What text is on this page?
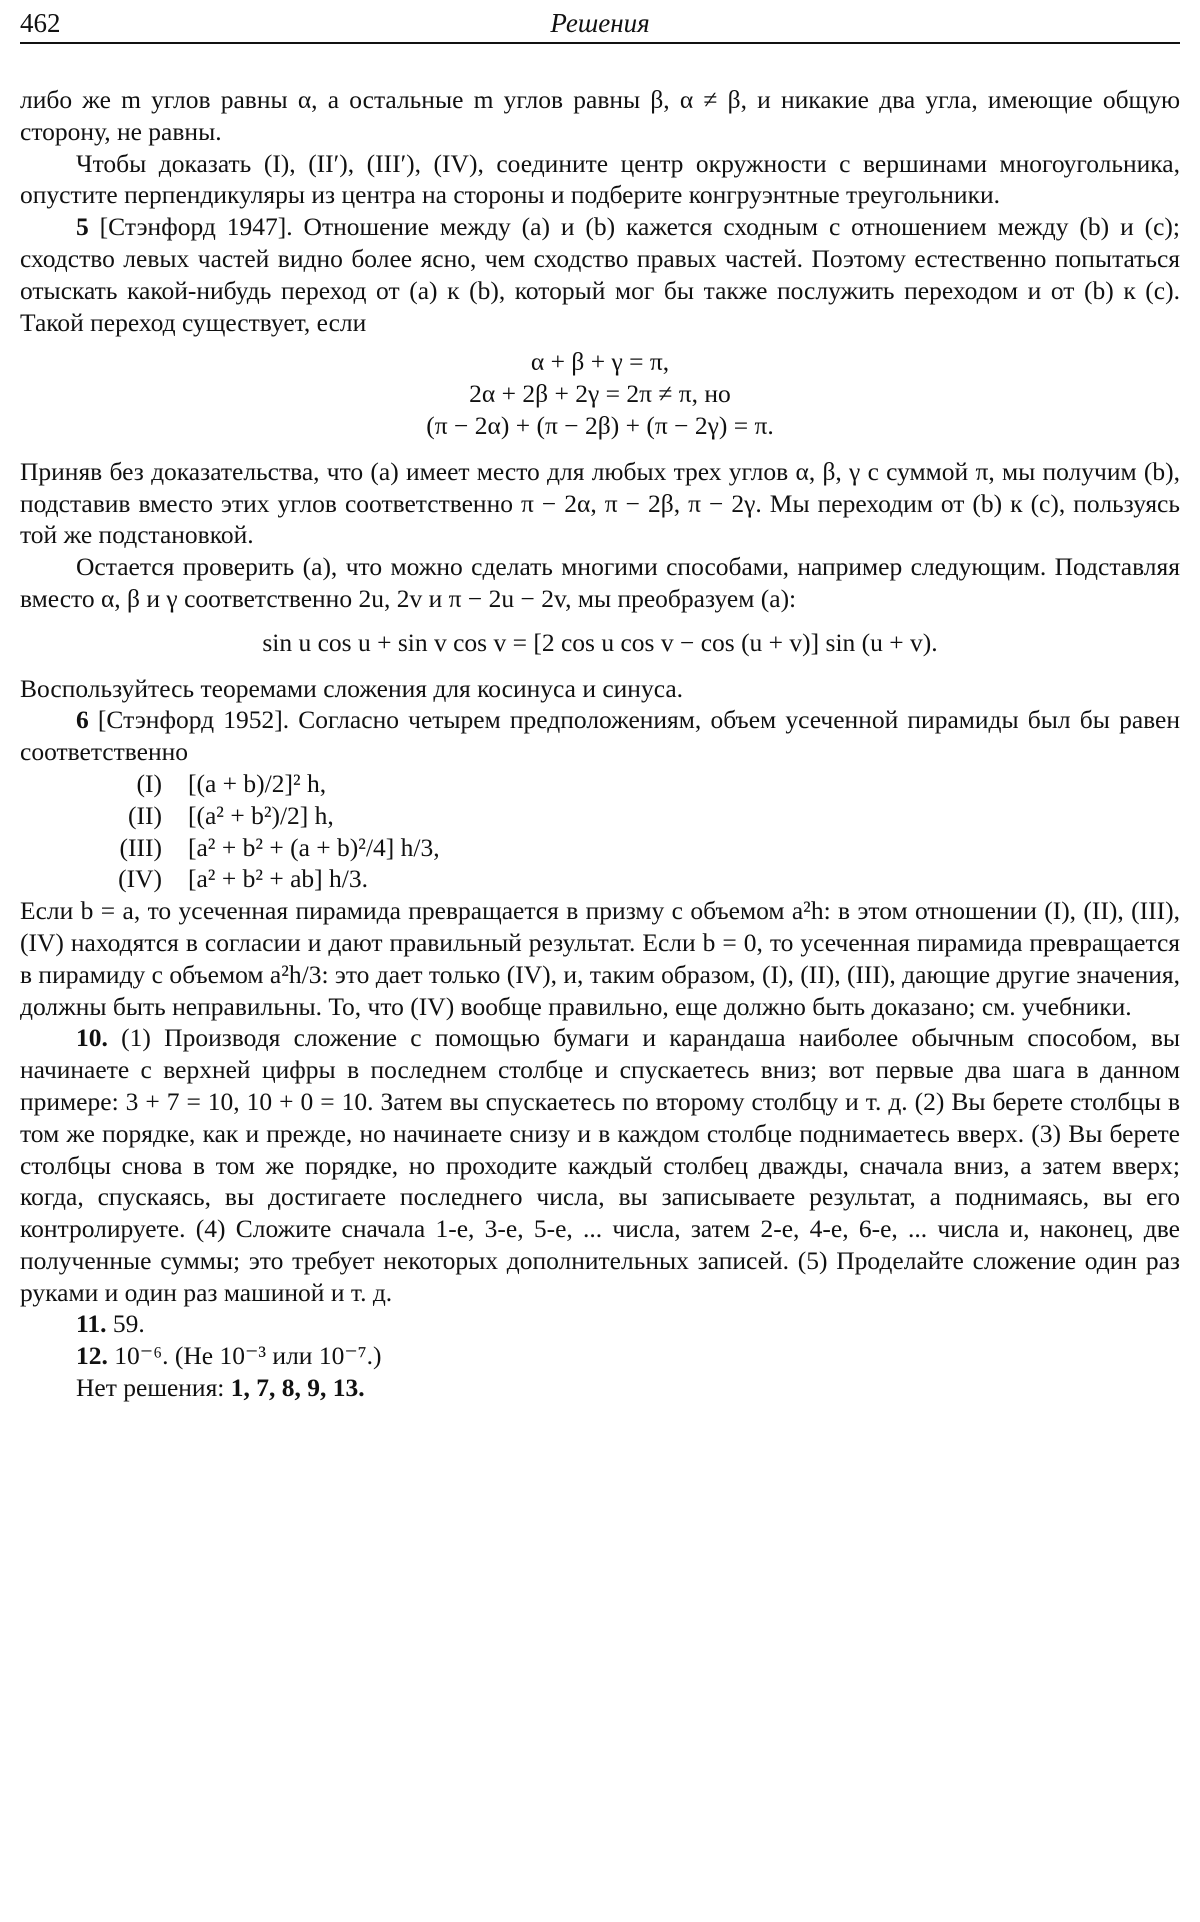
462	Решения

либо же m углов равны α, а остальные m углов равны β, α ≠ β, и никакие два угла, имеющие общую сторону, не равны.

Чтобы доказать (I), (II′), (III′), (IV), соедините центр окружности с вершинами многоугольника, опустите перпендикуляры из центра на стороны и подберите конгруэнтные треугольники.

5 [Стэнфорд 1947]. Отношение между (a) и (b) кажется сходным с отношением между (b) и (c); сходство левых частей видно более ясно, чем сходство правых частей. Поэтому естественно попытаться отыскать какой-нибудь переход от (a) к (b), который мог бы также послужить переходом и от (b) к (c). Такой переход существует, если

α + β + γ = π,

2α + 2β + 2γ = 2π ≠ π, но

(π − 2α) + (π − 2β) + (π − 2γ) = π.

Приняв без доказательства, что (a) имеет место для любых трех углов α, β, γ с суммой π, мы получим (b), подставив вместо этих углов соответственно π − 2α, π − 2β, π − 2γ. Мы переходим от (b) к (c), пользуясь той же подстановкой.

Остается проверить (a), что можно сделать многими способами, например следующим. Подставляя вместо α, β и γ соответственно 2u, 2v и π − 2u − 2v, мы преобразуем (a):

sin u cos u + sin v cos v = [2 cos u cos v − cos (u + v)] sin (u + v).

Воспользуйтесь теоремами сложения для косинуса и синуса.

6 [Стэнфорд 1952]. Согласно четырем предположениям, объем усеченной пирамиды был бы равен соответственно

(I)	[(a + b)/2]² h,
(II)	[(a² + b²)/2] h,
(III)	[a² + b² + (a + b)²/4] h/3,
(IV)	[a² + b² + ab] h/3.

Если b = a, то усеченная пирамида превращается в призму с объемом a²h: в этом отношении (I), (II), (III), (IV) находятся в согласии и дают правильный результат. Если b = 0, то усеченная пирамида превращается в пирамиду с объемом a²h/3: это дает только (IV), и, таким образом, (I), (II), (III), дающие другие значения, должны быть неправильны. То, что (IV) вообще правильно, еще должно быть доказано; см. учебники.

10. (1) Производя сложение с помощью бумаги и карандаша наиболее обычным способом, вы начинаете с верхней цифры в последнем столбце и спускаетесь вниз; вот первые два шага в данном примере: 3 + 7 = 10, 10 + 0 = 10. Затем вы спускаетесь по второму столбцу и т. д. (2) Вы берете столбцы в том же порядке, как и прежде, но начинаете снизу и в каждом столбце поднимаетесь вверх. (3) Вы берете столбцы снова в том же порядке, но проходите каждый столбец дважды, сначала вниз, а затем вверх; когда, спускаясь, вы достигаете последнего числа, вы записываете результат, а поднимаясь, вы его контролируете. (4) Сложите сначала 1-е, 3-е, 5-е, ... числа, затем 2-е, 4-е, 6-е, ... числа и, наконец, две полученные суммы; это требует некоторых дополнительных записей. (5) Проделайте сложение один раз руками и один раз машиной и т. д.

11. 59.

12. 10⁻⁶. (Не 10⁻³ или 10⁻⁷.)

Нет решения: 1, 7, 8, 9, 13.
